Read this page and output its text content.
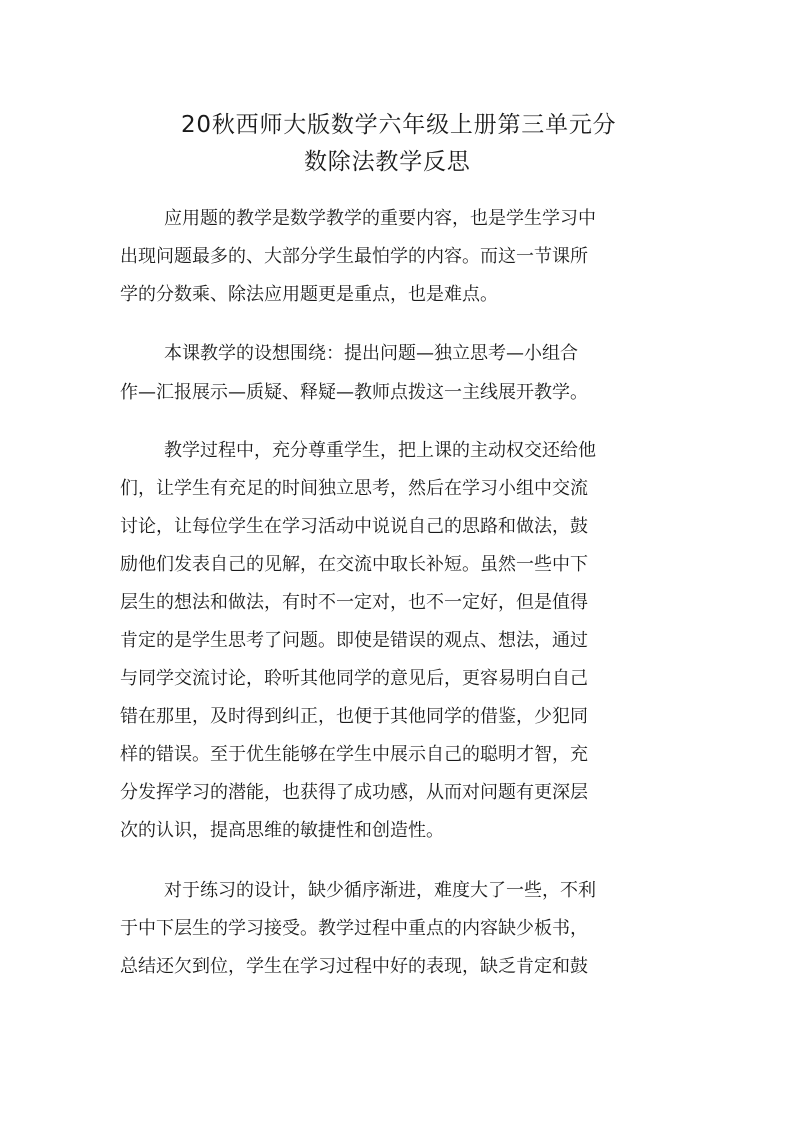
20秋西师大版数学六年级上册第三单元分
数除法教学反思

应用题的教学是数学教学的重要内容，也是学生学习中

出现问题最多的、大部分学生最怕学的内容。而这一节课所

学的分数乘、除法应用题更是重点，也是难点。

本课教学的设想围绕：提出问题—独立思考—小组合

作—汇报展示—质疑、释疑—教师点拨这一主线展开教学。

教学过程中，充分尊重学生，把上课的主动权交还给他

们，让学生有充足的时间独立思考，然后在学习小组中交流

讨论，让每位学生在学习活动中说说自己的思路和做法，鼓

励他们发表自己的见解，在交流中取长补短。虽然一些中下

层生的想法和做法，有时不一定对，也不一定好，但是值得

肯定的是学生思考了问题。即使是错误的观点、想法，通过

与同学交流讨论，聆听其他同学的意见后，更容易明白自己

错在那里，及时得到纠正，也便于其他同学的借鉴，少犯同

样的错误。至于优生能够在学生中展示自己的聪明才智，充

分发挥学习的潜能，也获得了成功感，从而对问题有更深层

次的认识，提高思维的敏捷性和创造性。

对于练习的设计，缺少循序渐进，难度大了一些，不利

于中下层生的学习接受。教学过程中重点的内容缺少板书，

总结还欠到位，学生在学习过程中好的表现，缺乏肯定和鼓
